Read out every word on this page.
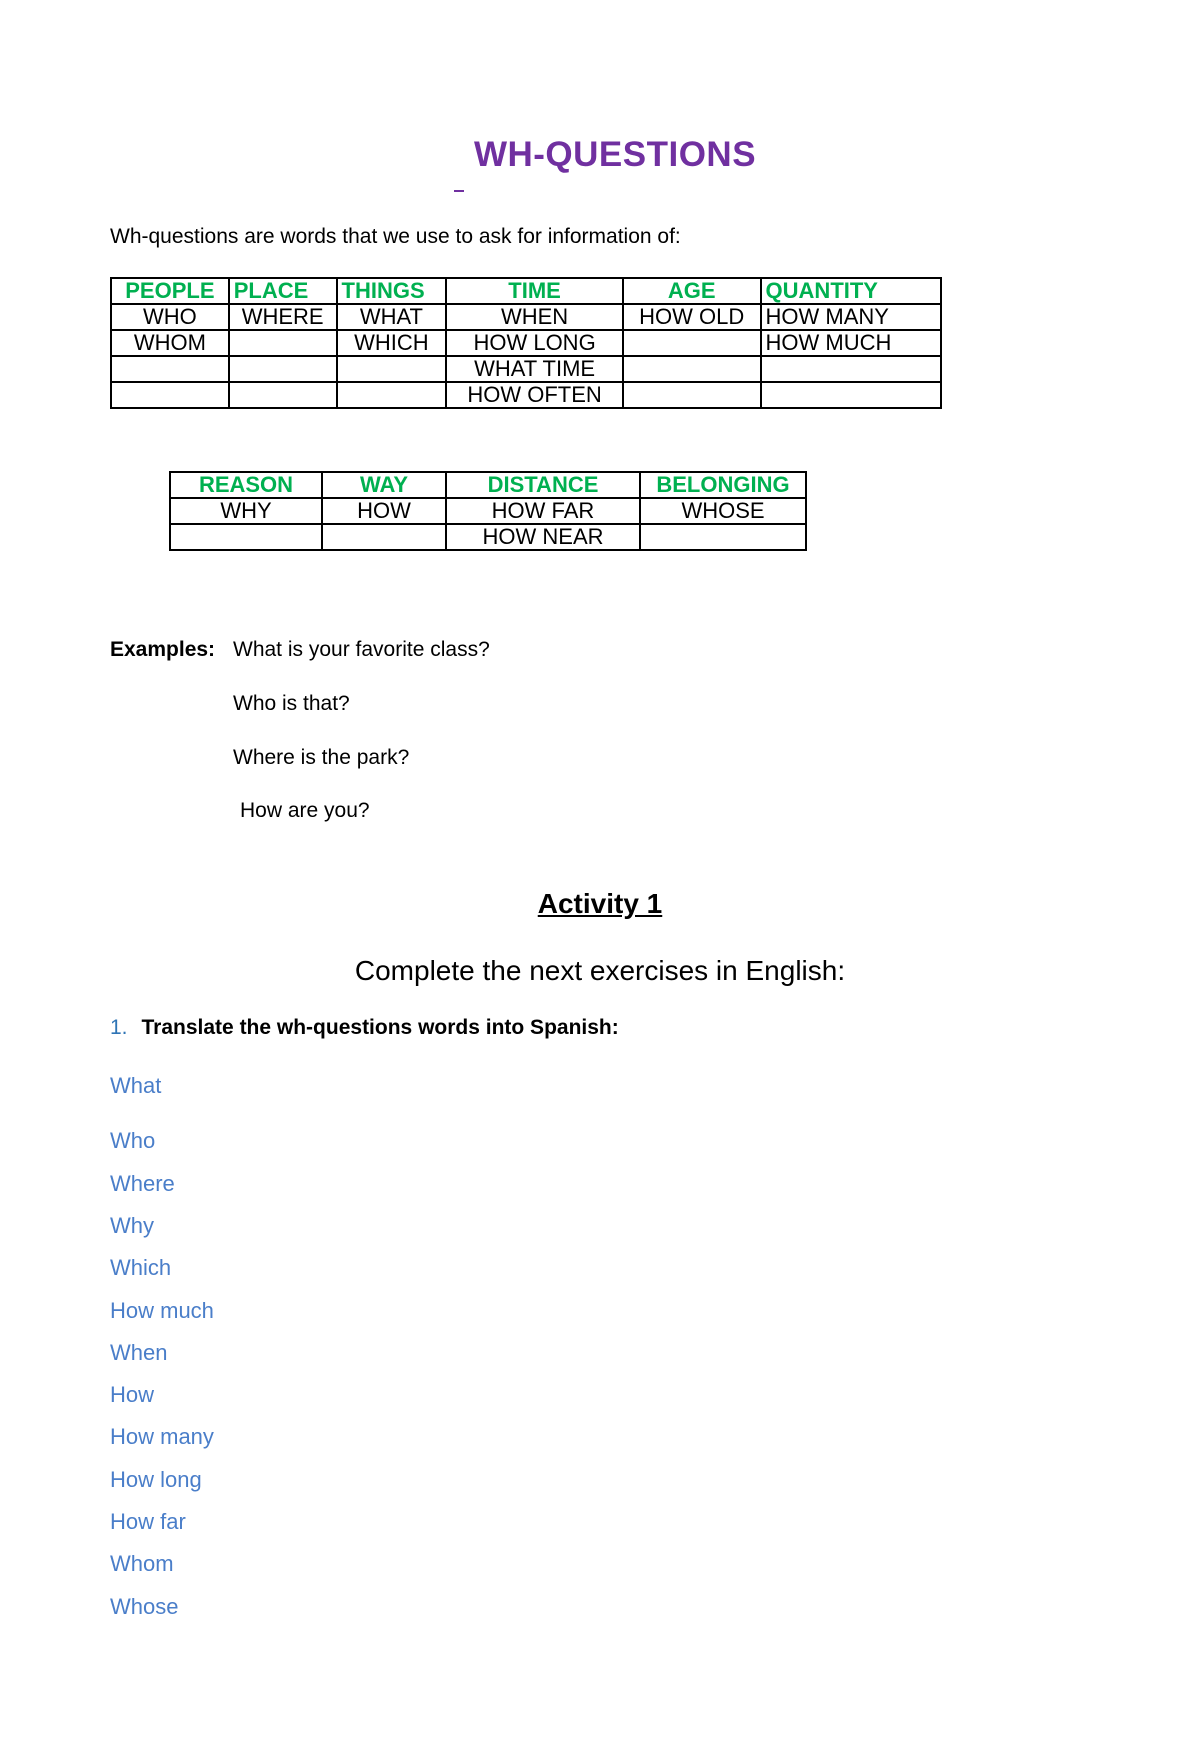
WH-QUESTIONS
Wh-questions are words that we use to ask for information of:
PEOPLE	PLACE	THINGS	TIME	AGE	QUANTITY
WHO	WHERE	WHAT	WHEN	HOW OLD	HOW MANY
WHOM		WHICH	HOW LONG		HOW MUCH
			WHAT TIME		
			HOW OFTEN		
REASON	WAY	DISTANCE	BELONGING
WHY	HOW	HOW FAR	WHOSE
		HOW NEAR	
Examples: What is your favorite class?
Who is that?
Where is the park?
How are you?
Activity 1
Complete the next exercises in English:
1. Translate the wh-questions words into Spanish:
What
Who
Where
Why
Which
How much
When
How
How many
How long
How far
Whom
Whose
